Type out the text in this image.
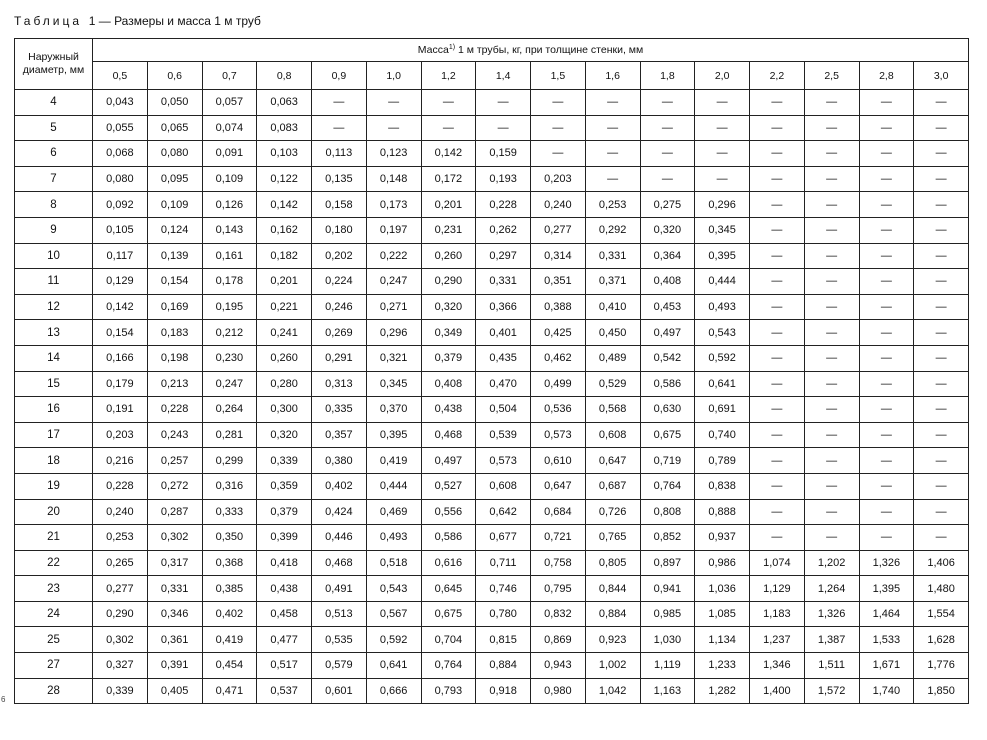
Таблица 1 — Размеры и масса 1 м труб
Наружный диаметр, мм	Масса$^{1)}$ 1 м трубы, кг, при толщине стенки, мм															
	0,5	0,6	0,7	0,8	0,9	1,0	1,2	1,4	1,5	1,6	1,8	2,0	2,2	2,5	2,8	3,0
4	0,043	0,050	0,057	0,063	—	—	—	—	—	—	—	—	—	—	—	—
5	0,055	0,065	0,074	0,083	—	—	—	—	—	—	—	—	—	—	—	—
6	0,068	0,080	0,091	0,103	0,113	0,123	0,142	0,159	—	—	—	—	—	—	—	—
7	0,080	0,095	0,109	0,122	0,135	0,148	0,172	0,193	0,203	—	—	—	—	—	—	—
8	0,092	0,109	0,126	0,142	0,158	0,173	0,201	0,228	0,240	0,253	0,275	0,296	—	—	—	—
9	0,105	0,124	0,143	0,162	0,180	0,197	0,231	0,262	0,277	0,292	0,320	0,345	—	—	—	—
10	0,117	0,139	0,161	0,182	0,202	0,222	0,260	0,297	0,314	0,331	0,364	0,395	—	—	—	—
11	0,129	0,154	0,178	0,201	0,224	0,247	0,290	0,331	0,351	0,371	0,408	0,444	—	—	—	—
12	0,142	0,169	0,195	0,221	0,246	0,271	0,320	0,366	0,388	0,410	0,453	0,493	—	—	—	—
13	0,154	0,183	0,212	0,241	0,269	0,296	0,349	0,401	0,425	0,450	0,497	0,543	—	—	—	—
14	0,166	0,198	0,230	0,260	0,291	0,321	0,379	0,435	0,462	0,489	0,542	0,592	—	—	—	—
15	0,179	0,213	0,247	0,280	0,313	0,345	0,408	0,470	0,499	0,529	0,586	0,641	—	—	—	—
16	0,191	0,228	0,264	0,300	0,335	0,370	0,438	0,504	0,536	0,568	0,630	0,691	—	—	—	—
17	0,203	0,243	0,281	0,320	0,357	0,395	0,468	0,539	0,573	0,608	0,675	0,740	—	—	—	—
18	0,216	0,257	0,299	0,339	0,380	0,419	0,497	0,573	0,610	0,647	0,719	0,789	—	—	—	—
19	0,228	0,272	0,316	0,359	0,402	0,444	0,527	0,608	0,647	0,687	0,764	0,838	—	—	—	—
20	0,240	0,287	0,333	0,379	0,424	0,469	0,556	0,642	0,684	0,726	0,808	0,888	—	—	—	—
21	0,253	0,302	0,350	0,399	0,446	0,493	0,586	0,677	0,721	0,765	0,852	0,937	—	—	—	—
22	0,265	0,317	0,368	0,418	0,468	0,518	0,616	0,711	0,758	0,805	0,897	0,986	1,074	1,202	1,326	1,406
23	0,277	0,331	0,385	0,438	0,491	0,543	0,645	0,746	0,795	0,844	0,941	1,036	1,129	1,264	1,395	1,480
24	0,290	0,346	0,402	0,458	0,513	0,567	0,675	0,780	0,832	0,884	0,985	1,085	1,183	1,326	1,464	1,554
25	0,302	0,361	0,419	0,477	0,535	0,592	0,704	0,815	0,869	0,923	1,030	1,134	1,237	1,387	1,533	1,628
27	0,327	0,391	0,454	0,517	0,579	0,641	0,764	0,884	0,943	1,002	1,119	1,233	1,346	1,511	1,671	1,776
28	0,339	0,405	0,471	0,537	0,601	0,666	0,793	0,918	0,980	1,042	1,163	1,282	1,400	1,572	1,740	1,850
6
